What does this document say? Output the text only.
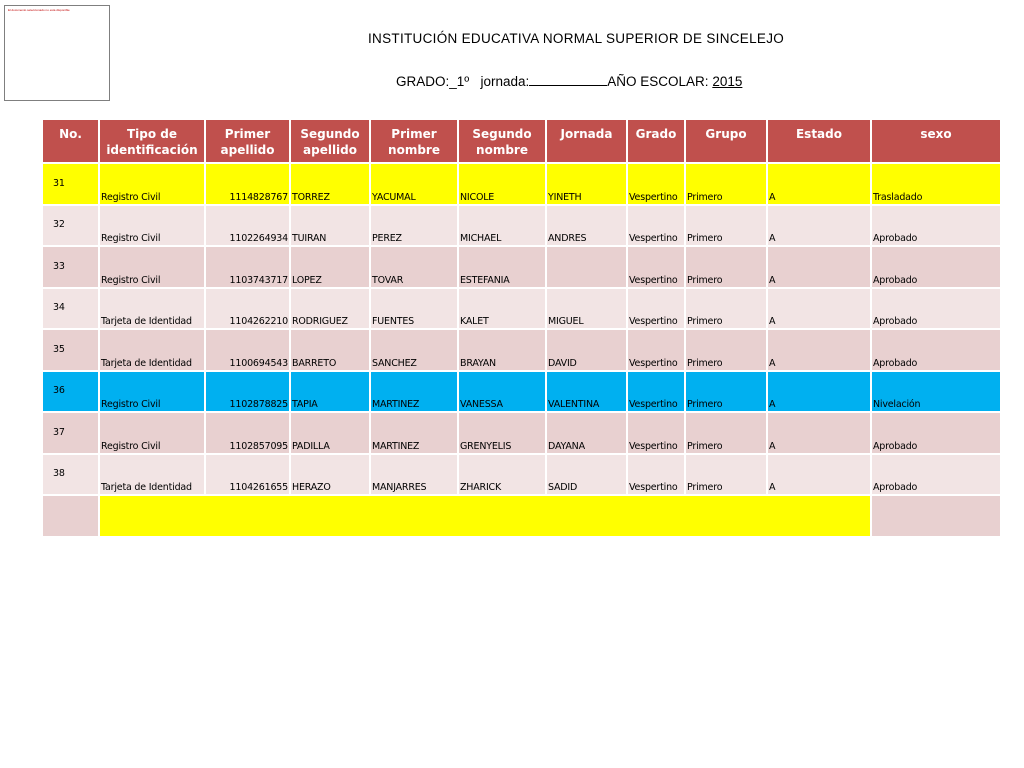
El documento seleccionado no esta disponible
INSTITUCIÓN EDUCATIVA NORMAL SUPERIOR DE SINCELEJO
GRADO:_1º jornada:	AÑO ESCOLAR: 2015
No.	Tipo de identificación	Primer apellido	Segundo apellido	Primer nombre	Segundo nombre	Jornada	Grado	Grupo	Estado	sexo
31	Registro Civil	1114828767	TORREZ	YACUMAL	NICOLE	YINETH	Vespertino	Primero	A	Trasladado
32	Registro Civil	1102264934	TUIRAN	PEREZ	MICHAEL	ANDRES	Vespertino	Primero	A	Aprobado
33	Registro Civil	1103743717	LOPEZ	TOVAR	ESTEFANIA		Vespertino	Primero	A	Aprobado
34	Tarjeta de Identidad	1104262210	RODRIGUEZ	FUENTES	KALET	MIGUEL	Vespertino	Primero	A	Aprobado
35	Tarjeta de Identidad	1100694543	BARRETO	SANCHEZ	BRAYAN	DAVID	Vespertino	Primero	A	Aprobado
36	Registro Civil	1102878825	TAPIA	MARTINEZ	VANESSA	VALENTINA	Vespertino	Primero	A	Nivelación
37	Registro Civil	1102857095	PADILLA	MARTINEZ	GRENYELIS	DAYANA	Vespertino	Primero	A	Aprobado
38	Tarjeta de Identidad	1104261655	HERAZO	MANJARRES	ZHARICK	SADID	Vespertino	Primero	A	Aprobado
